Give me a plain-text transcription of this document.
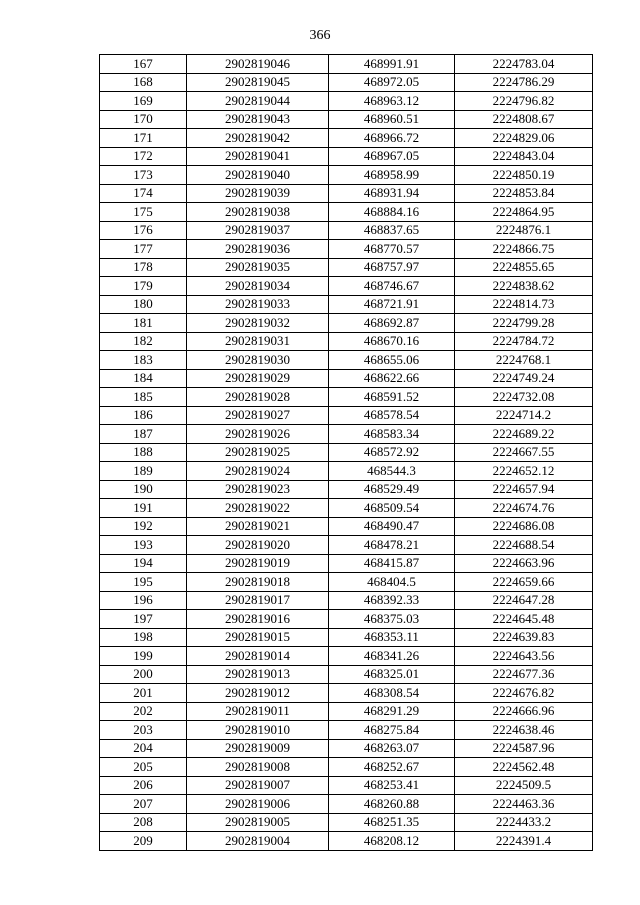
366
167	2902819046	468991.91	2224783.04
168	2902819045	468972.05	2224786.29
169	2902819044	468963.12	2224796.82
170	2902819043	468960.51	2224808.67
171	2902819042	468966.72	2224829.06
172	2902819041	468967.05	2224843.04
173	2902819040	468958.99	2224850.19
174	2902819039	468931.94	2224853.84
175	2902819038	468884.16	2224864.95
176	2902819037	468837.65	2224876.1
177	2902819036	468770.57	2224866.75
178	2902819035	468757.97	2224855.65
179	2902819034	468746.67	2224838.62
180	2902819033	468721.91	2224814.73
181	2902819032	468692.87	2224799.28
182	2902819031	468670.16	2224784.72
183	2902819030	468655.06	2224768.1
184	2902819029	468622.66	2224749.24
185	2902819028	468591.52	2224732.08
186	2902819027	468578.54	2224714.2
187	2902819026	468583.34	2224689.22
188	2902819025	468572.92	2224667.55
189	2902819024	468544.3	2224652.12
190	2902819023	468529.49	2224657.94
191	2902819022	468509.54	2224674.76
192	2902819021	468490.47	2224686.08
193	2902819020	468478.21	2224688.54
194	2902819019	468415.87	2224663.96
195	2902819018	468404.5	2224659.66
196	2902819017	468392.33	2224647.28
197	2902819016	468375.03	2224645.48
198	2902819015	468353.11	2224639.83
199	2902819014	468341.26	2224643.56
200	2902819013	468325.01	2224677.36
201	2902819012	468308.54	2224676.82
202	2902819011	468291.29	2224666.96
203	2902819010	468275.84	2224638.46
204	2902819009	468263.07	2224587.96
205	2902819008	468252.67	2224562.48
206	2902819007	468253.41	2224509.5
207	2902819006	468260.88	2224463.36
208	2902819005	468251.35	2224433.2
209	2902819004	468208.12	2224391.4
